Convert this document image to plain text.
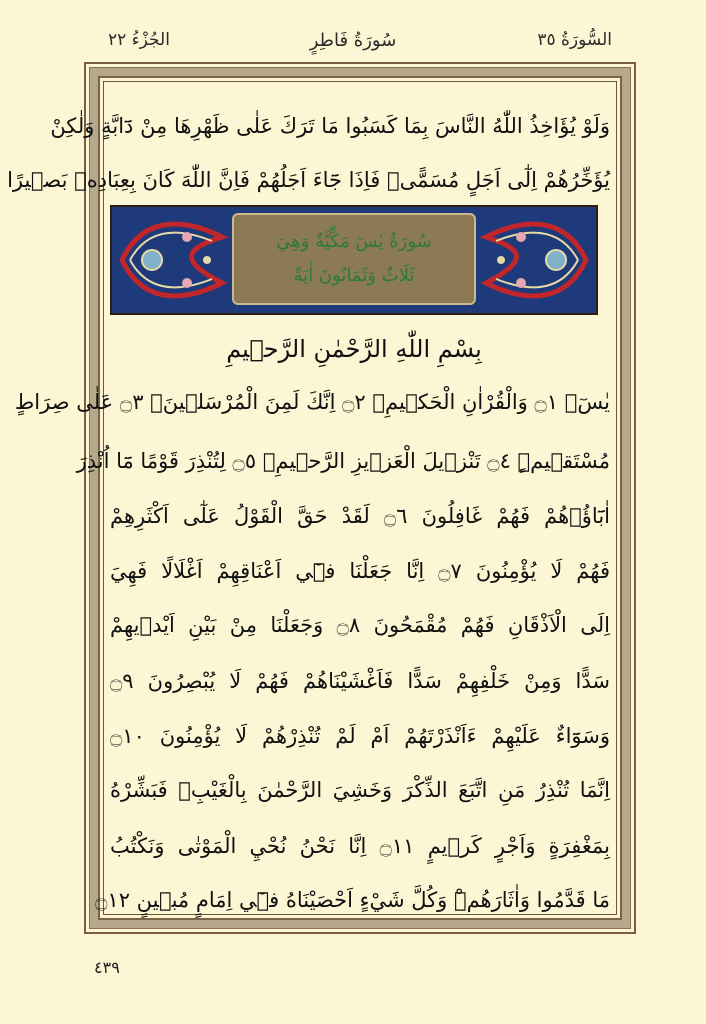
الجُزْءُ ٢٢	سُورَةُ فَاطِرٍ	السُّورَةُ ٣٥
وَلَوْ يُؤَاخِذُ اللّٰهُ النَّاسَ بِمَا كَسَبُوا مَا تَرَكَ عَلٰى ظَهْرِهَا مِنْ دَٓابَّةٍ وَلٰكِنْ
يُؤَخِّرُهُمْ اِلٰٓى اَجَلٍ مُسَمًّىۚ فَاِذَا جَٓاءَ اَجَلُهُمْ فَاِنَّ اللّٰهَ كَانَ بِعِبَادِه۪ بَص۪يرًا
سُورَةُ يٰسٓ مَكِّيَّةٌ وَهِيَ
ثَلَاثٌ وَثَمَانُونَ اٰيَةً
بِسْمِ اللّٰهِ الرَّحْمٰنِ الرَّح۪يمِ
يٰسٓۜ ۝١ وَالْقُرْاٰنِ الْحَك۪يمِۙ ۝٢ اِنَّكَ لَمِنَ الْمُرْسَل۪ينَۙ ۝٣ عَلٰى صِرَاطٍ
مُسْتَق۪يمٍۜ ۝٤ تَنْز۪يلَ الْعَز۪يزِ الرَّح۪يمِۙ ۝٥ لِتُنْذِرَ قَوْمًا مَٓا اُنْذِرَ
اٰبَٓاؤُ۬هُمْ فَهُمْ غَافِلُونَ ۝٦ لَقَدْ حَقَّ الْقَوْلُ عَلٰٓى اَكْثَرِهِمْ
فَهُمْ لَا يُؤْمِنُونَ ۝٧ اِنَّا جَعَلْنَا ف۪ٓي اَعْنَاقِهِمْ اَغْلَالًا فَهِيَ
اِلَى الْاَذْقَانِ فَهُمْ مُقْمَحُونَ ۝٨ وَجَعَلْنَا مِنْ بَيْنِ اَيْد۪يهِمْ
سَدًّا وَمِنْ خَلْفِهِمْ سَدًّا فَاَغْشَيْنَاهُمْ فَهُمْ لَا يُبْصِرُونَ ۝٩
وَسَوَٓاءٌ عَلَيْهِمْ ءَاَنْذَرْتَهُمْ اَمْ لَمْ تُنْذِرْهُمْ لَا يُؤْمِنُونَ ۝١٠
اِنَّمَا تُنْذِرُ مَنِ اتَّبَعَ الذِّكْرَ وَخَشِيَ الرَّحْمٰنَ بِالْغَيْبِۚ فَبَشِّرْهُ
بِمَغْفِرَةٍ وَاَجْرٍ كَر۪يمٍ ۝١١ اِنَّا نَحْنُ نُحْيِ الْمَوْتٰى وَنَكْتُبُ
مَا قَدَّمُوا وَاٰثَارَهُمْۜ وَكُلَّ شَيْءٍ اَحْصَيْنَاهُ ف۪ٓي اِمَامٍ مُب۪ينٍ ۝١٢
٤٣٩
